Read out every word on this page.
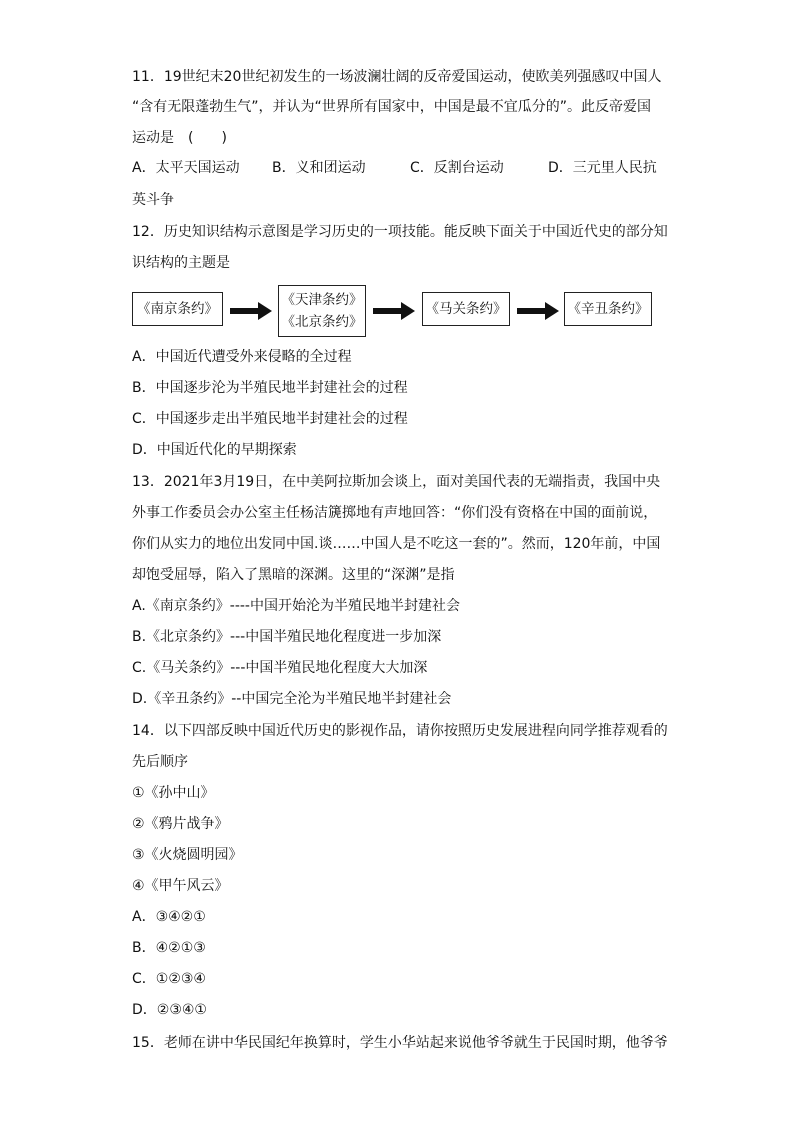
11．19世纪末20世纪初发生的一场波澜壮阔的反帝爱国运动，使欧美列强感叹中国人
“含有无限蓬勃生气”，并认为“世界所有国家中，中国是最不宜瓜分的”。此反帝爱国
运动是　(　　)
A．太平天国运动 B．义和团运动	C．反割台运动	D．三元里人民抗
英斗争
12．历史知识结构示意图是学习历史的一项技能。能反映下面关于中国近代史的部分知
识结构的主题是
《南京条约》
《天津条约》
《北京条约》
《马关条约》	《辛丑条约》
A．中国近代遭受外来侵略的全过程
B．中国逐步沦为半殖民地半封建社会的过程
C．中国逐步走出半殖民地半封建社会的过程
D．中国近代化的早期探索
13．2021年3月19日，在中美阿拉斯加会谈上，面对美国代表的无端指责，我国中央
外事工作委员会办公室主任杨洁篪掷地有声地回答：“你们没有资格在中国的面前说，
你们从实力的地位出发同中国.谈……中国人是不吃这一套的”。然而，120年前，中国
却饱受屈辱，陷入了黑暗的深渊。这里的“深渊”是指
A.《南京条约》----中国开始沦为半殖民地半封建社会
B.《北京条约》---中国半殖民地化程度进一步加深
C.《马关条约》---中国半殖民地化程度大大加深
D.《辛丑条约》--中国完全沦为半殖民地半封建社会
14．以下四部反映中国近代历史的影视作品，请你按照历史发展进程向同学推荐观看的
先后顺序
①《孙中山》
②《鸦片战争》
③《火烧圆明园》
④《甲午风云》
A．③④②①
B．④②①③
C．①②③④
D．②③④①
15．老师在讲中华民国纪年换算时，学生小华站起来说他爷爷就生于民国时期，他爷爷
